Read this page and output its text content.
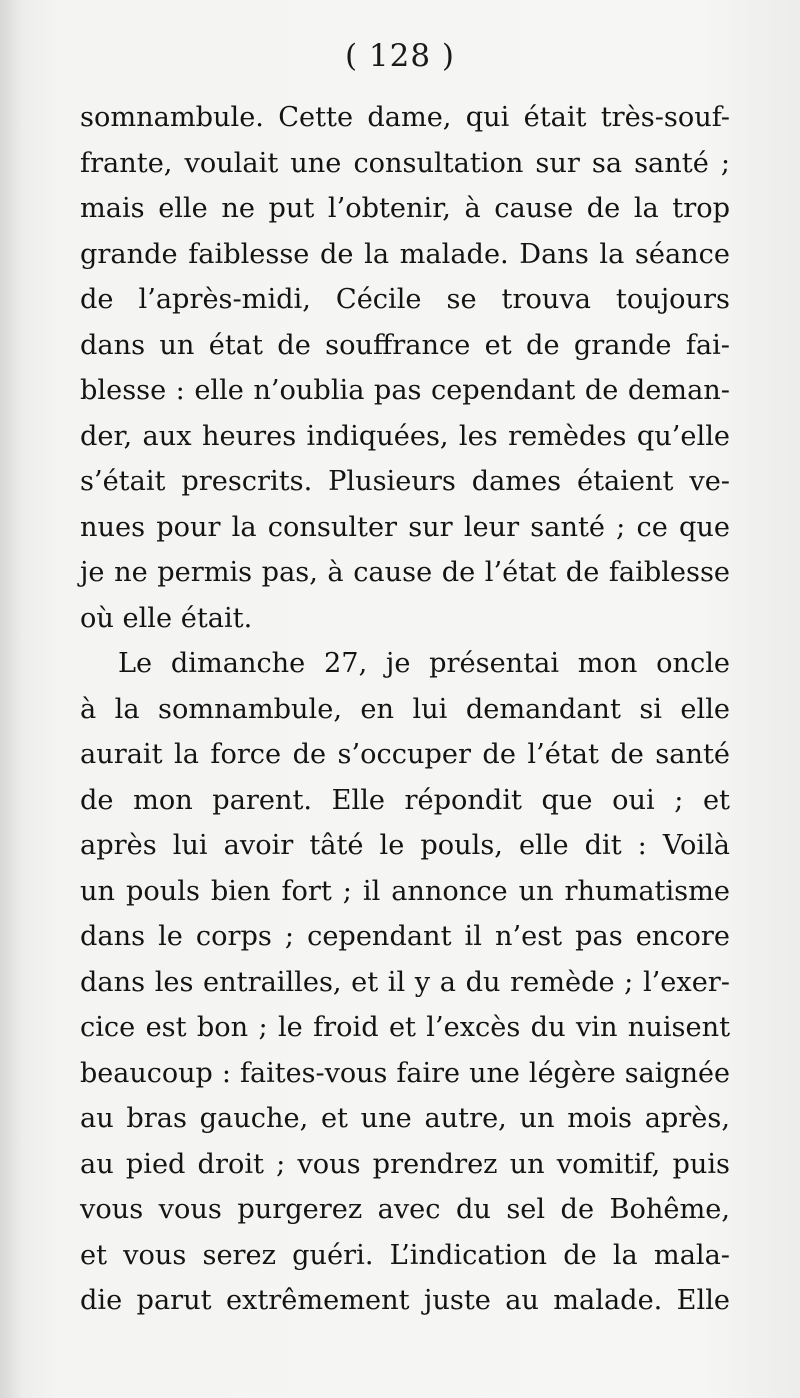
( 128 )
somnambule. Cette dame, qui était très-souf-
frante, voulait une consultation sur sa santé ;
mais elle ne put l’obtenir, à cause de la trop
grande faiblesse de la malade. Dans la séance
de l’après-midi, Cécile se trouva toujours
dans un état de souffrance et de grande fai-
blesse : elle n’oublia pas cependant de deman-
der, aux heures indiquées, les remèdes qu’elle
s’était prescrits. Plusieurs dames étaient ve-
nues pour la consulter sur leur santé ; ce que
je ne permis pas, à cause de l’état de faiblesse
où elle était.
Le dimanche 27, je présentai mon oncle
à la somnambule, en lui demandant si elle
aurait la force de s’occuper de l’état de santé
de mon parent. Elle répondit que oui ; et
après lui avoir tâté le pouls, elle dit : Voilà
un pouls bien fort ; il annonce un rhumatisme
dans le corps ; cependant il n’est pas encore
dans les entrailles, et il y a du remède ; l’exer-
cice est bon ; le froid et l’excès du vin nuisent
beaucoup : faites-vous faire une légère saignée
au bras gauche, et une autre, un mois après,
au pied droit ; vous prendrez un vomitif, puis
vous vous purgerez avec du sel de Bohême,
et vous serez guéri. L’indication de la mala-
die parut extrêmement juste au malade. Elle
